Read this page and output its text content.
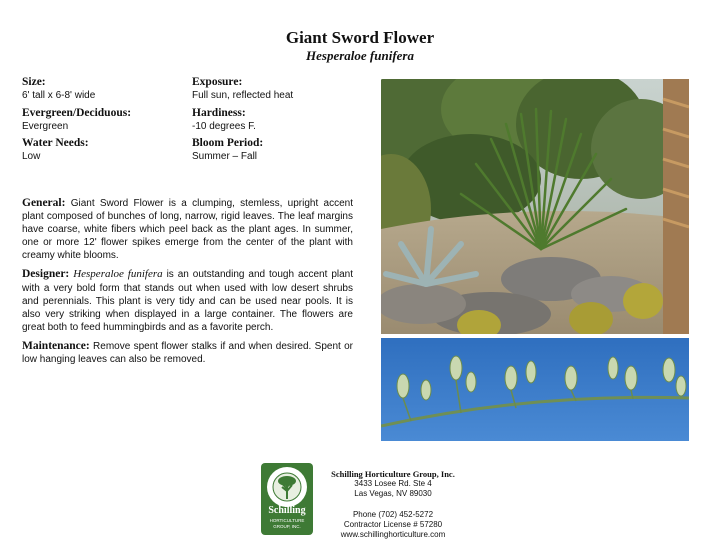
Giant Sword Flower
Hesperaloe funifera
Size:
6' tall x 6-8' wide
Exposure:
Full sun, reflected heat
Evergreen/Deciduous:
Evergreen
Hardiness:
-10 degrees F.
Water Needs:
Low
Bloom Period:
Summer – Fall

General: Giant Sword Flower is a clumping, stemless, upright accent plant composed of bunches of long, narrow, rigid leaves. The leaf margins have coarse, white fibers which peel back as the plant ages. In summer, one or more 12' flower spikes emerge from the center of the plant with creamy white blooms.

Designer: Hesperaloe funifera is an outstanding and tough accent plant with a very bold form that stands out when used with low desert shrubs and perennials. This plant is very tidy and can be used near pools. It is also very striking when displayed in a large container. The flowers are great both to feed hummingbirds and as a favorite perch.

Maintenance: Remove spent flower stalks if and when desired. Spent or low hanging leaves can also be removed.

Schilling
HORTICULTURE
GROUP, INC.
Schilling Horticulture Group, Inc.
3433 Losee Rd. Ste 4
Las Vegas, NV 89030
Phone (702) 452-5272
Contractor License # 57280
www.schillinghorticulture.com
